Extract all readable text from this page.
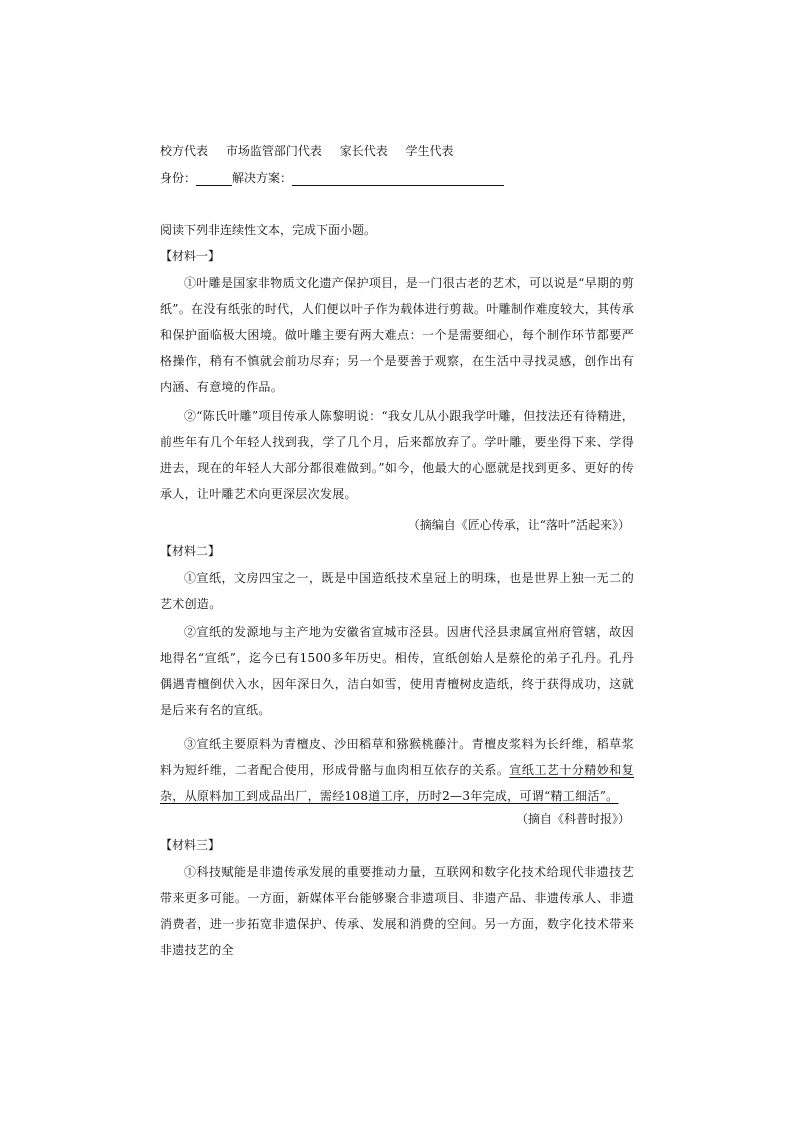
校方代表 市场监管部门代表 家长代表 学生代表
身份：	解决方案：
阅读下列非连续性文本，完成下面小题。
【材料一】
①叶雕是国家非物质文化遗产保护项目，是一门很古老的艺术，可以说是“早期的剪纸”。在没有纸张的时代，人们便以叶子作为载体进行剪裁。叶雕制作难度较大，其传承和保护面临极大困境。做叶雕主要有两大难点：一个是需要细心，每个制作环节都要严格操作，稍有不慎就会前功尽弃；另一个是要善于观察，在生活中寻找灵感，创作出有内涵、有意境的作品。
②“陈氏叶雕”项目传承人陈黎明说：“我女儿从小跟我学叶雕，但技法还有待精进，前些年有几个年轻人找到我，学了几个月，后来都放弃了。学叶雕，要坐得下来、学得进去，现在的年轻人大部分都很难做到。”如今，他最大的心愿就是找到更多、更好的传承人，让叶雕艺术向更深层次发展。
（摘编自《匠心传承，让“落叶”活起来》）
【材料二】
①宣纸，文房四宝之一，既是中国造纸技术皇冠上的明珠，也是世界上独一无二的艺术创造。
②宣纸的发源地与主产地为安徽省宣城市泾县。因唐代泾县隶属宣州府管辖，故因地得名“宣纸”，迄今已有1500多年历史。相传，宣纸创始人是蔡伦的弟子孔丹。孔丹偶遇青檀倒伏入水，因年深日久，洁白如雪，使用青檀树皮造纸，终于获得成功，这就是后来有名的宣纸。
③宣纸主要原料为青檀皮、沙田稻草和猕猴桃藤汁。青檀皮浆料为长纤维，稻草浆料为短纤维，二者配合使用，形成骨骼与血肉相互依存的关系。宣纸工艺十分精妙和复杂，从原料加工到成品出厂，需经108道工序，历时2—3年完成，可谓“精工细活”。
（摘自《科普时报》）
【材料三】
①科技赋能是非遗传承发展的重要推动力量，互联网和数字化技术给现代非遗技艺带来更多可能。一方面，新媒体平台能够聚合非遗项目、非遗产品、非遗传承人、非遗消费者，进一步拓宽非遗保护、传承、发展和消费的空间。另一方面，数字化技术带来非遗技艺的全
